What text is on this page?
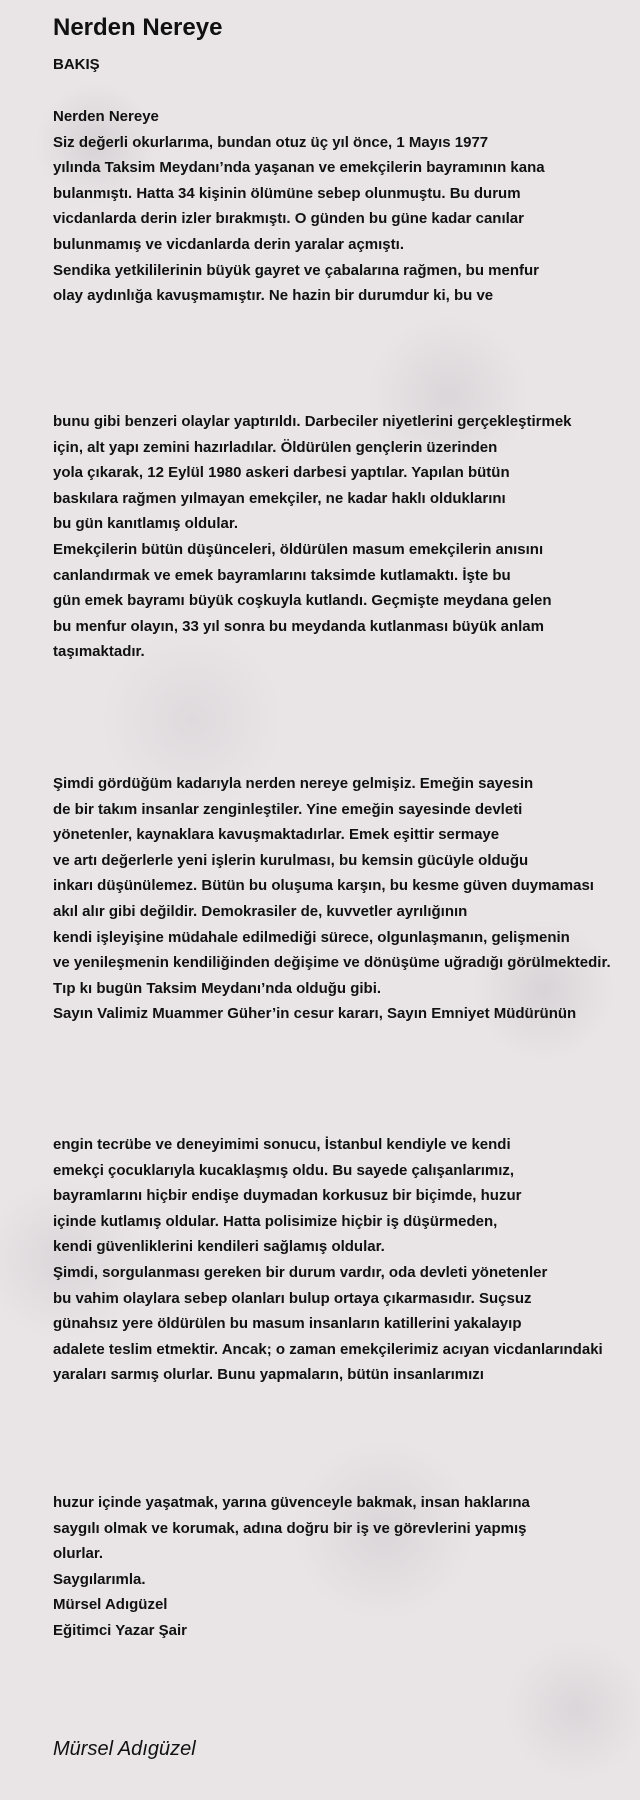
Nerden Nereye
BAKIŞ
Nerden Nereye
Siz değerli okurlarıma, bundan otuz üç yıl önce, 1 Mayıs 1977
yılında Taksim Meydanı’nda yaşanan ve emekçilerin bayramının kana
bulanmıştı. Hatta 34 kişinin ölümüne sebep olunmuştu. Bu durum
vicdanlarda derin izler bırakmıştı. O günden bu güne kadar canılar
bulunmamış ve vicdanlarda derin yaralar açmıştı.
Sendika yetkililerinin büyük gayret ve çabalarına rağmen, bu menfur
olay aydınlığa kavuşmamıştır. Ne hazin bir durumdur ki, bu ve
bunu gibi benzeri olaylar yaptırıldı. Darbeciler niyetlerini gerçekleştirmek
için, alt yapı zemini hazırladılar. Öldürülen gençlerin üzerinden
yola çıkarak, 12 Eylül 1980 askeri darbesi yaptılar. Yapılan bütün
baskılara rağmen yılmayan emekçiler, ne kadar haklı olduklarını
bu gün kanıtlamış oldular.
Emekçilerin bütün düşünceleri, öldürülen masum emekçilerin anısını
canlandırmak ve emek bayramlarını taksimde kutlamaktı. İşte bu
gün emek bayramı büyük coşkuyla kutlandı. Geçmişte meydana gelen
bu menfur olayın, 33 yıl sonra bu meydanda kutlanması büyük anlam
taşımaktadır.
Şimdi gördüğüm kadarıyla nerden nereye gelmişiz. Emeğin sayesin
de bir takım insanlar zenginleştiler. Yine emeğin sayesinde devleti
yönetenler, kaynaklara kavuşmaktadırlar. Emek eşittir sermaye
ve artı değerlerle yeni işlerin kurulması, bu kemsin gücüyle olduğu
inkarı düşünülemez. Bütün bu oluşuma karşın, bu kesme güven duymaması
akıl alır gibi değildir. Demokrasiler de, kuvvetler ayrılığının
kendi işleyişine müdahale edilmediği sürece, olgunlaşmanın, gelişmenin
ve yenileşmenin kendiliğinden değişime ve dönüşüme uğradığı görülmektedir.
Tıp kı bugün Taksim Meydanı’nda olduğu gibi.
Sayın Valimiz Muammer Güher’in cesur kararı, Sayın Emniyet Müdürünün
engin tecrübe ve deneyimimi sonucu, İstanbul kendiyle ve kendi
emekçi çocuklarıyla kucaklaşmış oldu. Bu sayede çalışanlarımız,
bayramlarını hiçbir endişe duymadan korkusuz bir biçimde, huzur
içinde kutlamış oldular. Hatta polisimize hiçbir iş düşürmeden,
kendi güvenliklerini kendileri sağlamış oldular.
Şimdi, sorgulanması gereken bir durum vardır, oda devleti yönetenler
bu vahim olaylara sebep olanları bulup ortaya çıkarmasıdır. Suçsuz
günahsız yere öldürülen bu masum insanların katillerini yakalayıp
adalete teslim etmektir. Ancak; o zaman emekçilerimiz acıyan vicdanlarındaki
yaraları sarmış olurlar. Bunu yapmaların, bütün insanlarımızı
huzur içinde yaşatmak, yarına güvenceyle bakmak, insan haklarına
saygılı olmak ve korumak, adına doğru bir iş ve görevlerini yapmış
olurlar.
Saygılarımla.
Mürsel Adıgüzel
Eğitimci Yazar Şair
Mürsel Adıgüzel
